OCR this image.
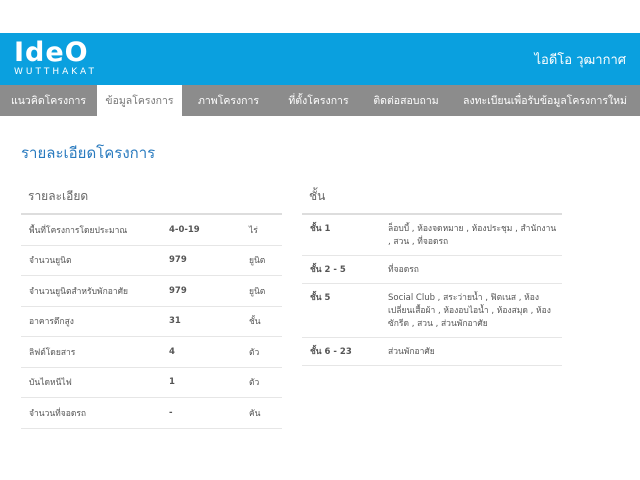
IdeO
WUTTHAKAT
ไอดีโอ วุฒากาศ
แนวคิดโครงการ	ข้อมูลโครงการ	ภาพโครงการ	ที่ตั้งโครงการ	ติดต่อสอบถาม	ลงทะเบียนเพื่อรับข้อมูลโครงการใหม่
รายละเอียดโครงการ
รายละเอียด
พื้นที่โครงการโดยประมาณ	4-0-19	ไร่
จำนวนยูนิต	979	ยูนิต
จำนวนยูนิตสำหรับพักอาศัย	979	ยูนิต
อาคารตึกสูง	31	ชั้น
ลิฟต์โดยสาร	4	ตัว
บันไดหนีไฟ	1	ตัว
จำนวนที่จอดรถ	-	คัน
ชั้น
ชั้น 1	ล็อบบี้ , ห้องจดหมาย , ห้องประชุม , สำนักงาน , สวน , ที่จอดรถ
ชั้น 2 - 5	ที่จอดรถ
ชั้น 5	Social Club , สระว่ายน้ำ , ฟิตเนส , ห้องเปลี่ยนเสื้อผ้า , ห้องอบไอน้ำ , ห้องสมุด , ห้องซักรีด , สวน , ส่วนพักอาศัย
ชั้น 6 - 23	ส่วนพักอาศัย
